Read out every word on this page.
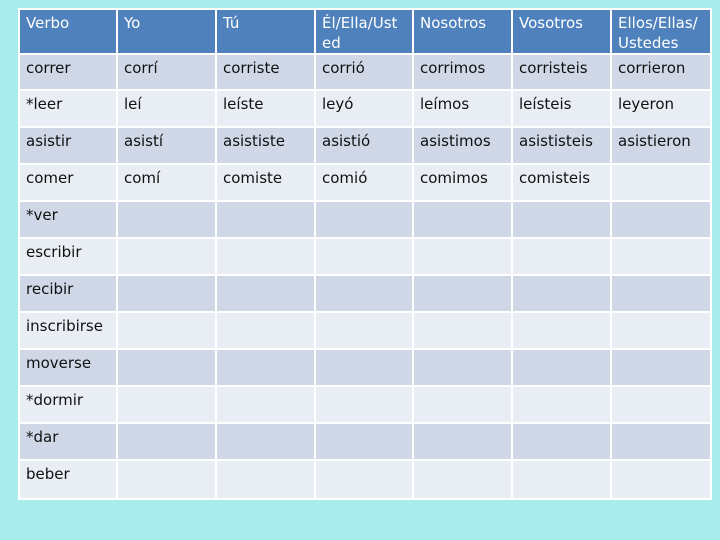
Verbo	Yo	Tú	Él/Ella/Ust ed	Nosotros	Vosotros	Ellos/Ellas/ Ustedes
correr	corrí	corriste	corrió	corrimos	corristeis	corrieron
*leer	leí	leíste	leyó	leímos	leísteis	leyeron
asistir	asistí	asististe	asistió	asistimos	asististeis	asistieron
comer	comí	comiste	comió	comimos	comisteis	
*ver						
escribir						
recibir						
inscribirse						
moverse						
*dormir						
*dar						
beber						
